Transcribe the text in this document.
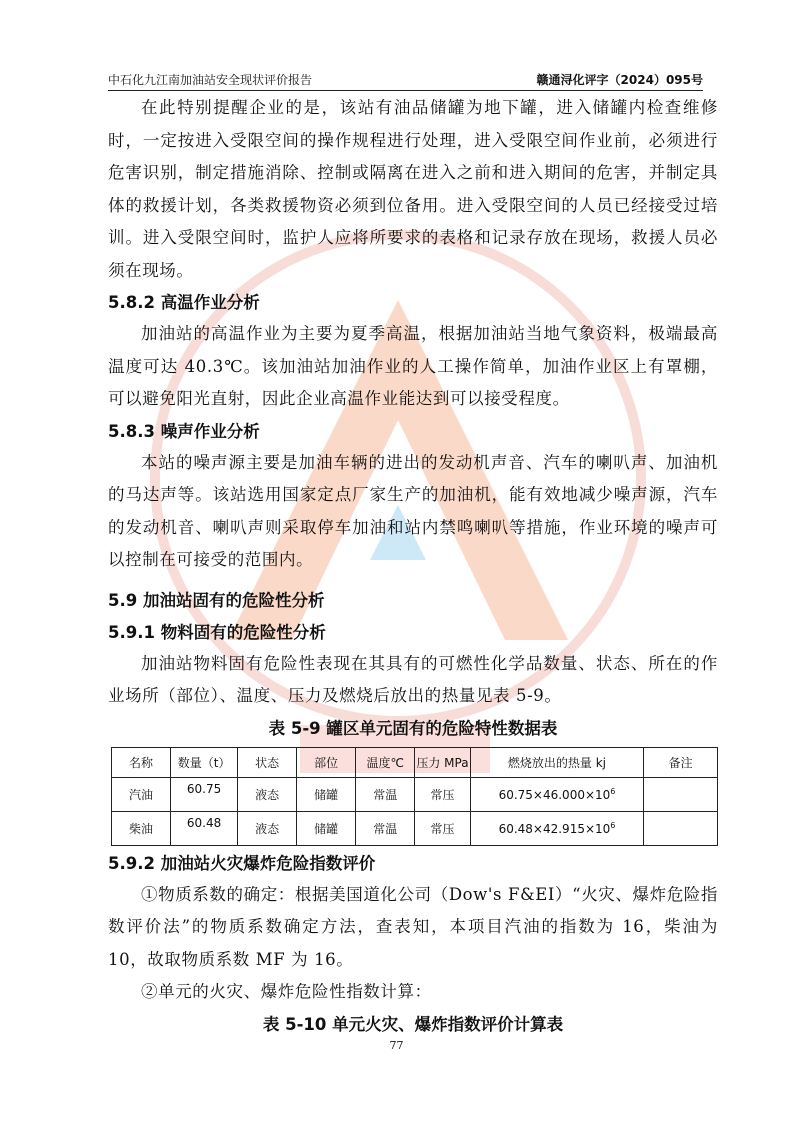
中石化九江南加油站安全现状评价报告	赣通浔化评字（2024）095号

在此特别提醒企业的是，该站有油品储罐为地下罐，进入储罐内检查维修时，一定按进入受限空间的操作规程进行处理，进入受限空间作业前，必须进行危害识别，制定措施消除、控制或隔离在进入之前和进入期间的危害，并制定具体的救援计划，各类救援物资必须到位备用。进入受限空间的人员已经接受过培训。进入受限空间时，监护人应将所要求的表格和记录存放在现场，救援人员必须在现场。

5.8.2 高温作业分析

加油站的高温作业为主要为夏季高温，根据加油站当地气象资料，极端最高温度可达 40.3℃。该加油站加油作业的人工操作简单，加油作业区上有罩棚，可以避免阳光直射，因此企业高温作业能达到可以接受程度。

5.8.3 噪声作业分析

本站的噪声源主要是加油车辆的进出的发动机声音、汽车的喇叭声、加油机的马达声等。该站选用国家定点厂家生产的加油机，能有效地减少噪声源，汽车的发动机音、喇叭声则采取停车加油和站内禁鸣喇叭等措施，作业环境的噪声可以控制在可接受的范围内。

5.9 加油站固有的危险性分析
5.9.1 物料固有的危险性分析

加油站物料固有危险性表现在其具有的可燃性化学品数量、状态、所在的作业场所（部位）、温度、压力及燃烧后放出的热量见表 5-9。

表 5-9 罐区单元固有的危险特性数据表

名称	数量（t）	状态	部位	温度℃	压力 MPa	燃烧放出的热量 kj	备注
汽油	60.75	液态	储罐	常温	常压	$60.75\times 46.000\times 10^6$	
柴油	60.48	液态	储罐	常温	常压	$60.48\times 42.915\times 10^6$	
5.9.2 加油站火灾爆炸危险指数评价

①物质系数的确定：根据美国道化公司（Dow's F&EI）“火灾、爆炸危险指数评价法”的物质系数确定方法，查表知，本项目汽油的指数为 16，柴油为 10，故取物质系数 MF 为 16。

②单元的火灾、爆炸危险性指数计算：

表 5-10 单元火灾、爆炸指数评价计算表

77
